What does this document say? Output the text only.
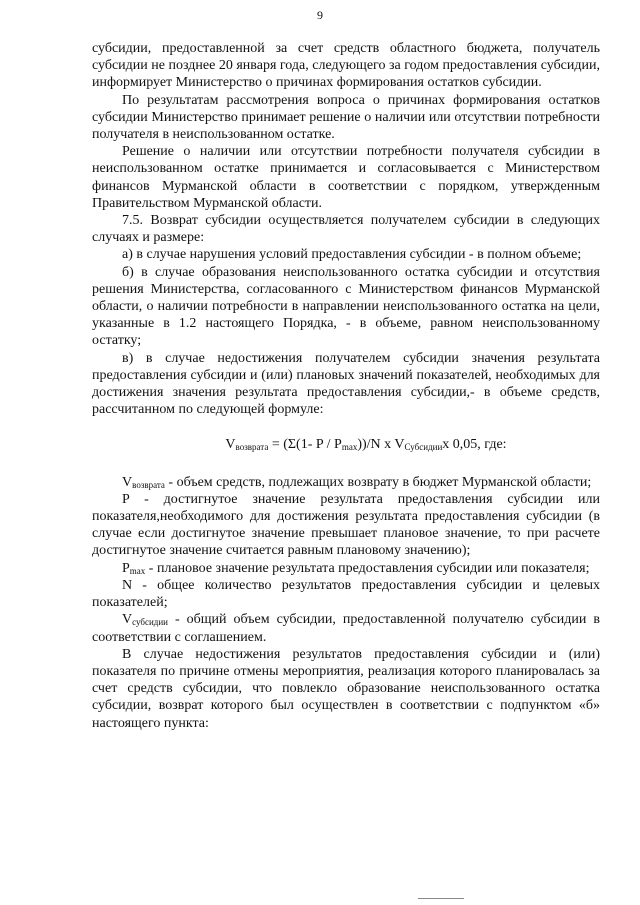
9

субсидии, предоставленной за счет средств областного бюджета, получатель субсидии не позднее 20 января года, следующего за годом предоставления субсидии, информирует Министерство о причинах формирования остатков субсидии.

По результатам рассмотрения вопроса о причинах формирования остатков субсидии Министерство принимает решение о наличии или отсутствии потребности получателя в неиспользованном остатке.

Решение о наличии или отсутствии потребности получателя субсидии в неиспользованном остатке принимается и согласовывается с Министерством финансов Мурманской области в соответствии с порядком, утвержденным Правительством Мурманской области.

7.5. Возврат субсидии осуществляется получателем субсидии в следующих случаях и размере:

а) в случае нарушения условий предоставления субсидии - в полном объеме;

б) в случае образования неиспользованного остатка субсидии и отсутствия решения Министерства, согласованного с Министерством финансов Мурманской области, о наличии потребности в направлении неиспользованного остатка на цели, указанные в 1.2 настоящего Порядка, - в объеме, равном неиспользованному остатку;

в) в случае недостижения получателем субсидии значения результата предоставления субсидии и (или) плановых значений показателей, необходимых для достижения значения результата предоставления субсидии,- в объеме средств, рассчитанном по следующей формуле:

$V_{возврата} = (\Sigma(1-$ P / $P_{max}))/N$ x $V_{Субсидии}x$ 0,05, где:

$V_{возврата}$ - объем средств, подлежащих возврату в бюджет Мурманской области;

P - достигнутое значение результата предоставления субсидии или показателя,необходимого для достижения результата предоставления субсидии (в случае если достигнутое значение превышает плановое значение, то при расчете достигнутое значение считается равным плановому значению);

$P_{max}$ - плановое значение результата предоставления субсидии или показателя;

N - общее количество результатов предоставления субсидии и целевых показателей;

$V_{субсидии}$ - общий объем субсидии, предоставленной получателю субсидии в соответствии с соглашением.

В случае недостижения результатов предоставления субсидии и (или) показателя по причине отмены мероприятия, реализация которого планировалась за счет средств субсидии, что повлекло образование неиспользованного остатка субсидии, возврат которого был осуществлен в соответствии с подпунктом «б» настоящего пункта:
